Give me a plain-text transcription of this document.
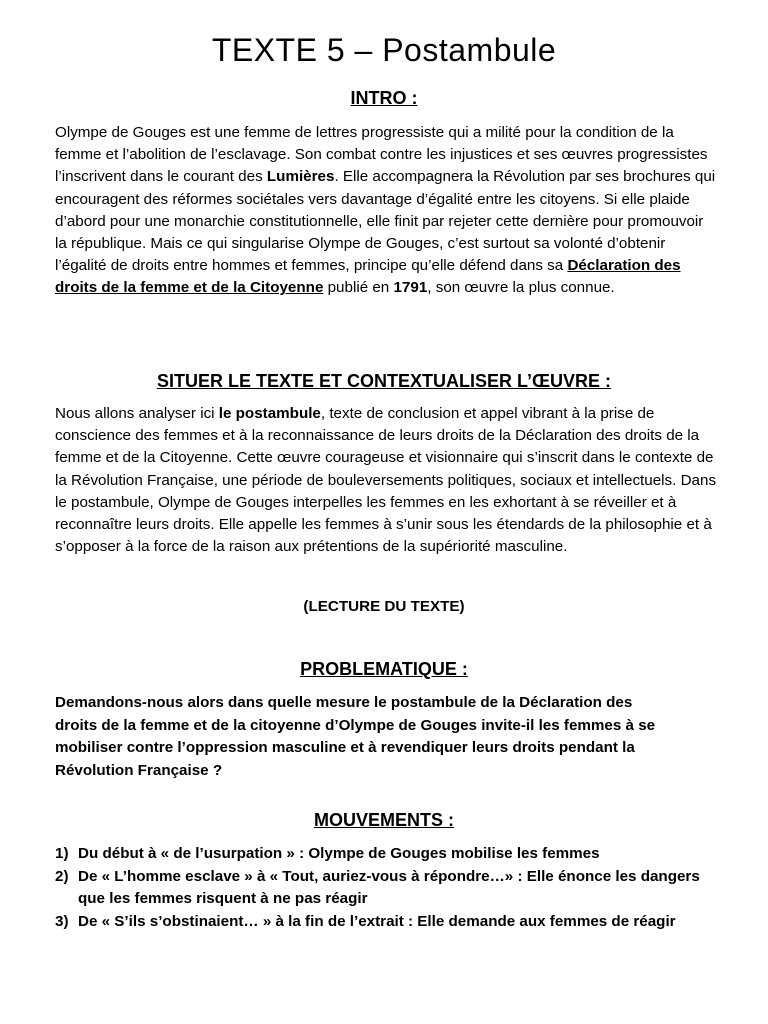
TEXTE 5 – Postambule
INTRO :
Olympe de Gouges est une femme de lettres progressiste qui a milité pour la condition de la femme et l’abolition de l’esclavage. Son combat contre les injustices et ses œuvres progressistes l’inscrivent dans le courant des Lumières. Elle accompagnera la Révolution par ses brochures qui encouragent des réformes sociétales vers davantage d’égalité entre les citoyens. Si elle plaide d’abord pour une monarchie constitutionnelle, elle finit par rejeter cette dernière pour promouvoir la république. Mais ce qui singularise Olympe de Gouges, c’est surtout sa volonté d’obtenir l’égalité de droits entre hommes et femmes, principe qu’elle défend dans sa Déclaration des droits de la femme et de la Citoyenne publié en 1791, son œuvre la plus connue.
SITUER LE TEXTE ET CONTEXTUALISER L’ŒUVRE :
Nous allons analyser ici le postambule, texte de conclusion et appel vibrant à la prise de conscience des femmes et à la reconnaissance de leurs droits de la Déclaration des droits de la femme et de la Citoyenne. Cette œuvre courageuse et visionnaire qui s’inscrit dans le contexte de la Révolution Française, une période de bouleversements politiques, sociaux et intellectuels. Dans le postambule, Olympe de Gouges interpelles les femmes en les exhortant à se réveiller et à reconnaître leurs droits. Elle appelle les femmes à s’unir sous les étendards de la philosophie et à s’opposer à la force de la raison aux prétentions de la supériorité masculine.
(LECTURE DU TEXTE)
PROBLEMATIQUE :
Demandons-nous alors dans quelle mesure le postambule de la Déclaration des droits de la femme et de la citoyenne d’Olympe de Gouges invite-il les femmes à se mobiliser contre l’oppression masculine et à revendiquer leurs droits pendant la Révolution Française ?
MOUVEMENTS :
1) Du début à « de l’usurpation » : Olympe de Gouges mobilise les femmes
2) De « L’homme esclave » à « Tout, auriez-vous à répondre…» : Elle énonce les dangers que les femmes risquent à ne pas réagir
3) De « S’ils s’obstinaient… » à la fin de l’extrait : Elle demande aux femmes de réagir
